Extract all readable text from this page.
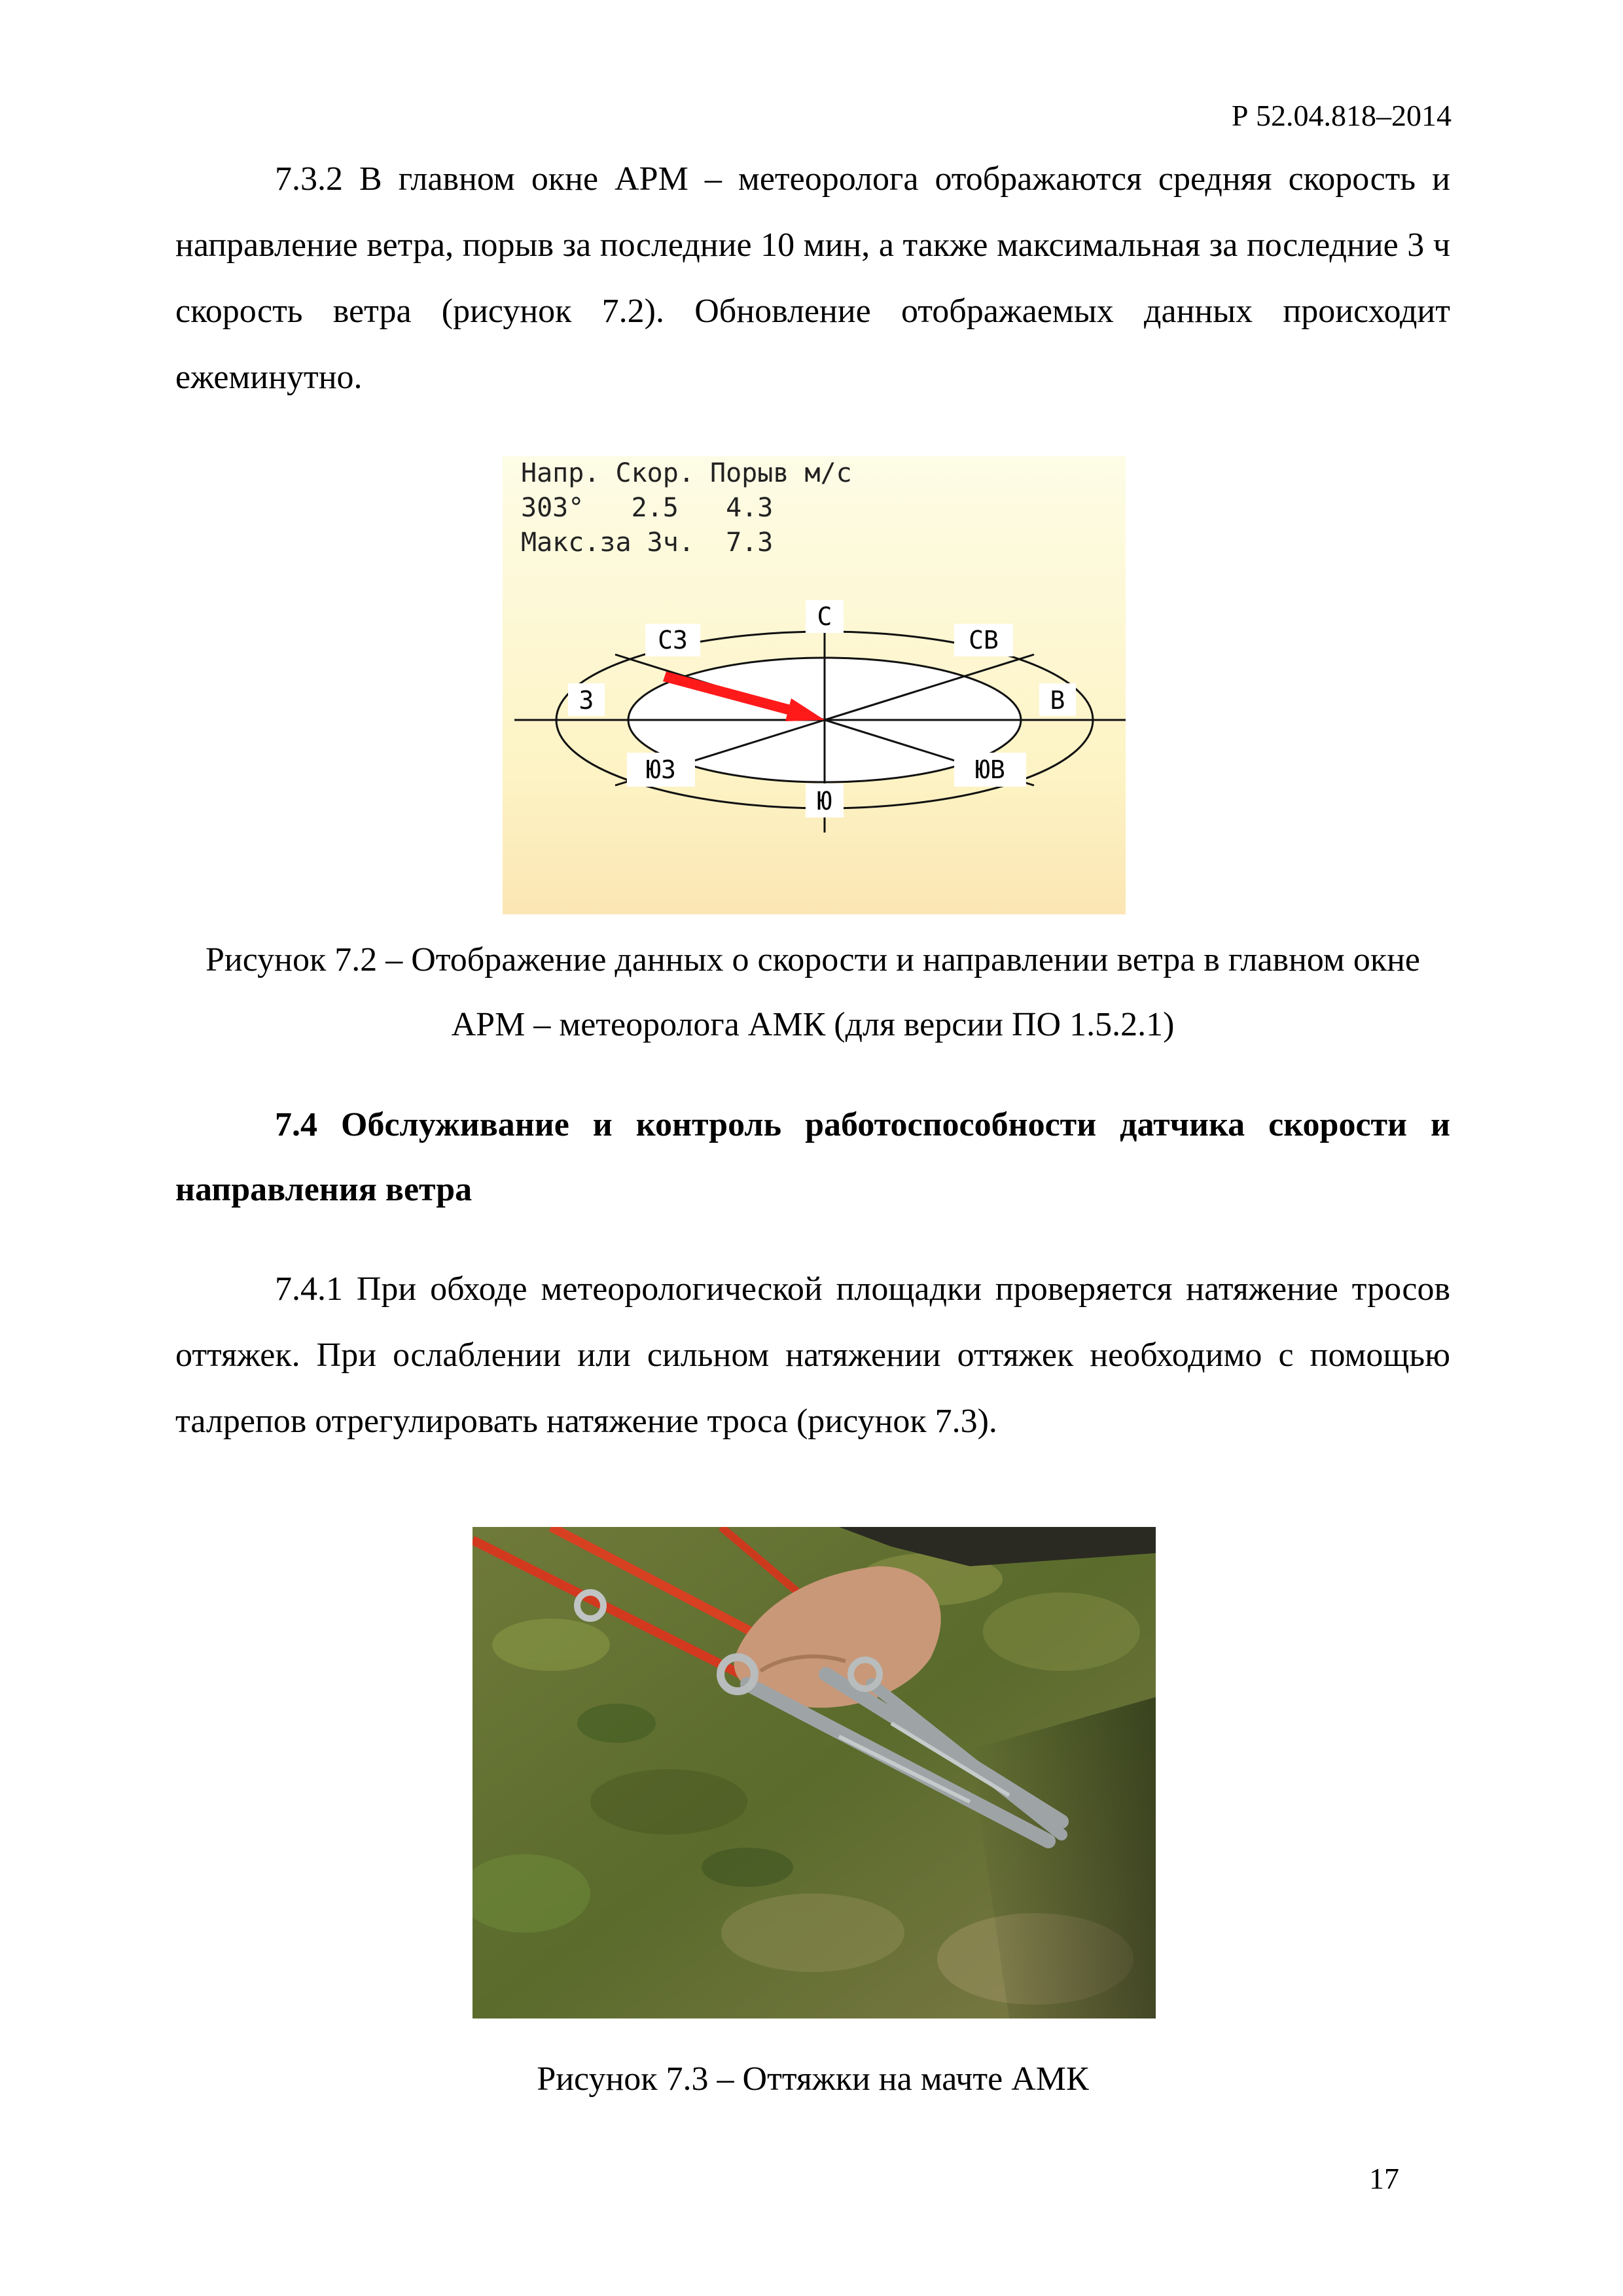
Р 52.04.818–2014

7.3.2 В главном окне АРМ – метеоролога отображаются средняя скорость и направление ветра, порыв за последние 10 мин, а также максимальная за последние 3 ч скорость ветра (рисунок 7.2). Обновление отображаемых данных происходит ежеминутно.

Напр. Скор. Порыв м/с
303°   2.5   4.3
Макс.за 3ч.  7.3
С
СЗ	СВ
З	В
ЮЗ	ЮВ
Ю

Рисунок 7.2 – Отображение данных о скорости и направлении ветра в главном окне АРМ – метеоролога АМК (для версии ПО 1.5.2.1)

7.4 Обслуживание и контроль работоспособности датчика скорости и направления ветра

7.4.1 При обходе метеорологической площадки проверяется натяжение тросов оттяжек. При ослаблении или сильном натяжении оттяжек необходимо с помощью талрепов отрегулировать натяжение троса (рисунок 7.3).

Рисунок 7.3 – Оттяжки на мачте АМК

17
